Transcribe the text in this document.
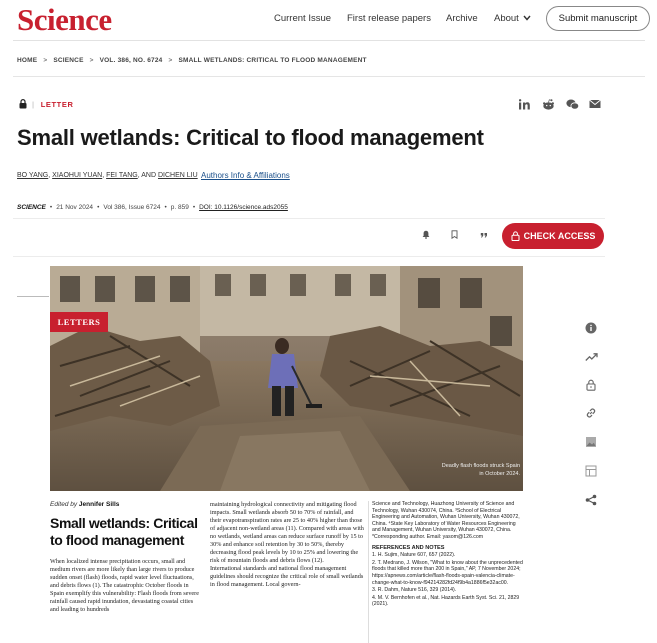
Science	Current Issue First release papers Archive About	Submit manuscript
HOME > SCIENCE > VOL. 386, NO. 6724 > SMALL WETLANDS: CRITICAL TO FLOOD MANAGEMENT
| LETTER
Small wetlands: Critical to flood management
BO YANG, XIAOHUI YUAN, FEI TANG, AND DICHEN LIU Authors Info & Affiliations
SCIENCE • 21 Nov 2024 • Vol 386, Issue 6724 • p. 859 • DOI: 10.1126/science.ads2055
CHECK ACCESS
LETTERS
Deadly flash floods struck Spain in October 2024.
Edited by Jennifer Sills
Small wetlands: Critical to flood management
When localized intense precipitation occurs, small and medium rivers are more likely than large rivers to produce sudden onset (flash) floods, rapid water level fluctuations, and debris flows (1). The catastrophic October floods in Spain exemplify this vulnerability: Flash floods from severe rainfall caused rapid inundation, devastating coastal cities and leading to hundreds
maintaining hydrological connectivity and mitigating flood impacts. Small wetlands absorb 50 to 70% of rainfall, and their evapotranspiration rates are 25 to 40% higher than those of adjacent non-wetland areas (11). Compared with areas with no wetlands, wetland areas can reduce surface runoff by 15 to 30% and enhance soil retention by 30 to 50%, thereby decreasing flood peak levels by 10 to 25% and lowering the risk of mountain floods and debris flows (12).
International standards and national flood management guidelines should recognize the critical role of small wetlands in flood management. Local govern-
Science and Technology, Huazhong University of Science and Technology, Wuhan 430074, China. ³School of Electrical Engineering and Automation, Wuhan University, Wuhan 430072, China. ⁴State Key Laboratory of Water Resources Engineering and Management, Wuhan University, Wuhan 430072, China.
*Corresponding author. Email: yasom@126.com
REFERENCES AND NOTES
1. H. Sujim, Nature 607, 657 (2022).
2. T. Medrano, J. Wilson, "What to know about the unprecedented floods that killed more than 200 in Spain," AP, 7 November 2024; https://apnews.com/article/flash-floods-spain-valencia-climate-change-what-to-know-f94214282fd24f9b4a1886f5e32ac00.
3. R. Dahm, Nature 516, 329 (2014).
4. M. V. Bernhofen et al., Nat. Hazards Earth Syst. Sci. 21, 2829 (2021).
